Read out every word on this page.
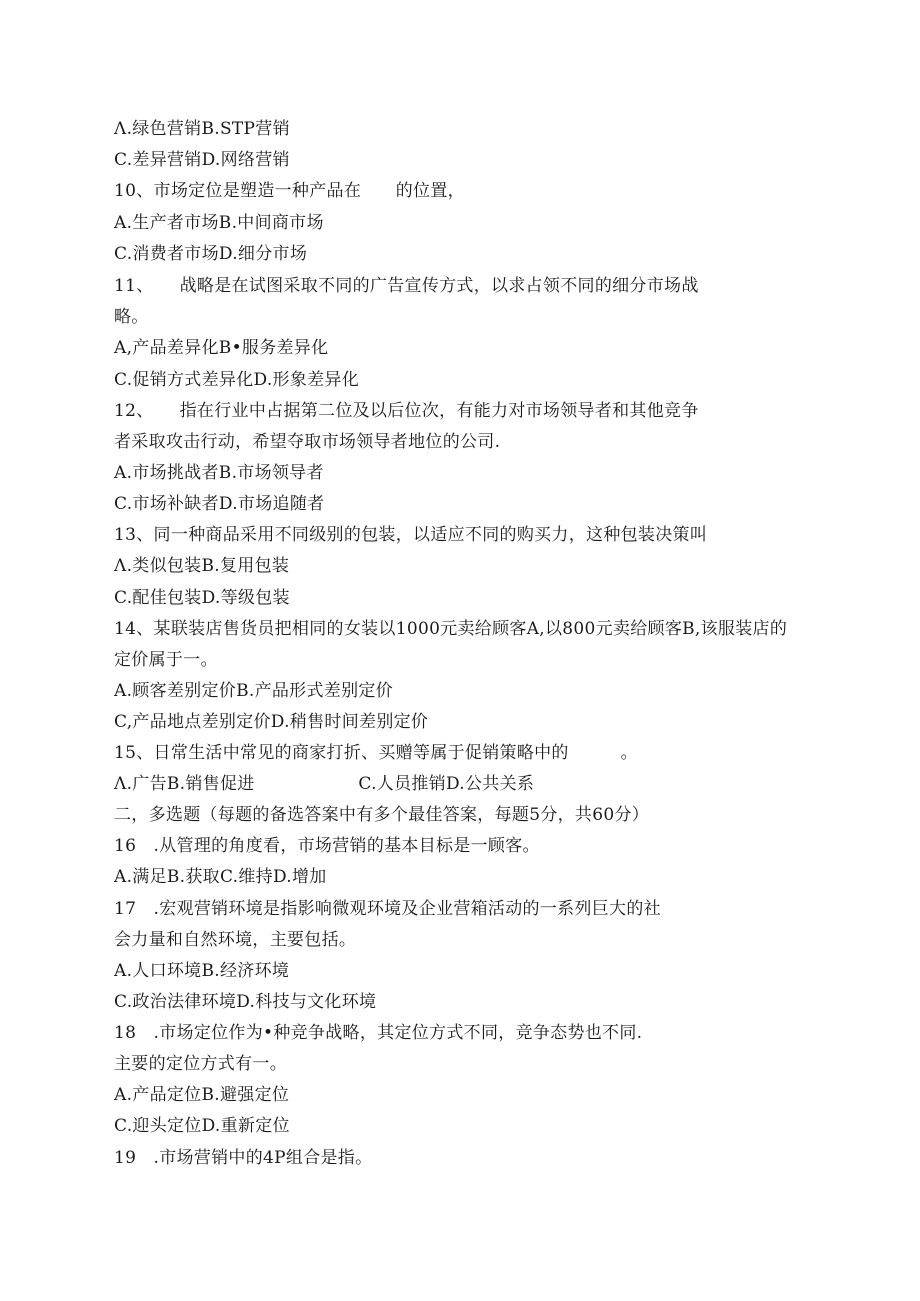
Λ.绿色营销B.STP营销
C.差异营销D.网络营销
10、市场定位是塑造一种产品在　　的位置，
A.生产者市场B.中间商市场
C.消费者市场D.细分市场
11、　　战略是在试图采取不同的广告宣传方式，以求占领不同的细分市场战
略。
A,产品差异化B•服务差异化
C.促销方式差异化D.形象差异化
12、　　指在行业中占据第二位及以后位次，有能力对市场领导者和其他竞争
者采取攻击行动，希望夺取市场领导者地位的公司.
A.市场挑战者B.市场领导者
C.市场补缺者D.市场追随者
13、同一种商品采用不同级别的包装，以适应不同的购买力，这种包装决策叫
Λ.类似包装B.复用包装
C.配佳包装D.等级包装
14、某联装店售货员把相同的女装以1000元卖给顾客A,以800元卖给顾客B,该服装店的
定价属于一。
A.顾客差别定价B.产品形式差别定价
C,产品地点差别定价D.稍售时间差别定价
15、日常生活中常见的商家打折、买赠等属于促销策略中的　　　。
Λ.广告B.销售促进　　　　　　C.人员推销D.公共关系
二，多选题（每题的备选答案中有多个最佳答案，每题5分，共60分）
16　.从管理的角度看，市场营销的基本目标是一顾客。
A.满足B.获取C.维持D.增加
17　.宏观营销环境是指影响微观环境及企业营箱活动的一系列巨大的社
会力量和自然环境，主要包括。
A.人口环境B.经济环境
C.政治法律环境D.科技与文化环境
18　.市场定位作为•种竞争战略，其定位方式不同，竞争态势也不同.
主要的定位方式有一。
A.产品定位B.避强定位
C.迎头定位D.重新定位
19　.市场营销中的4P组合是指。
